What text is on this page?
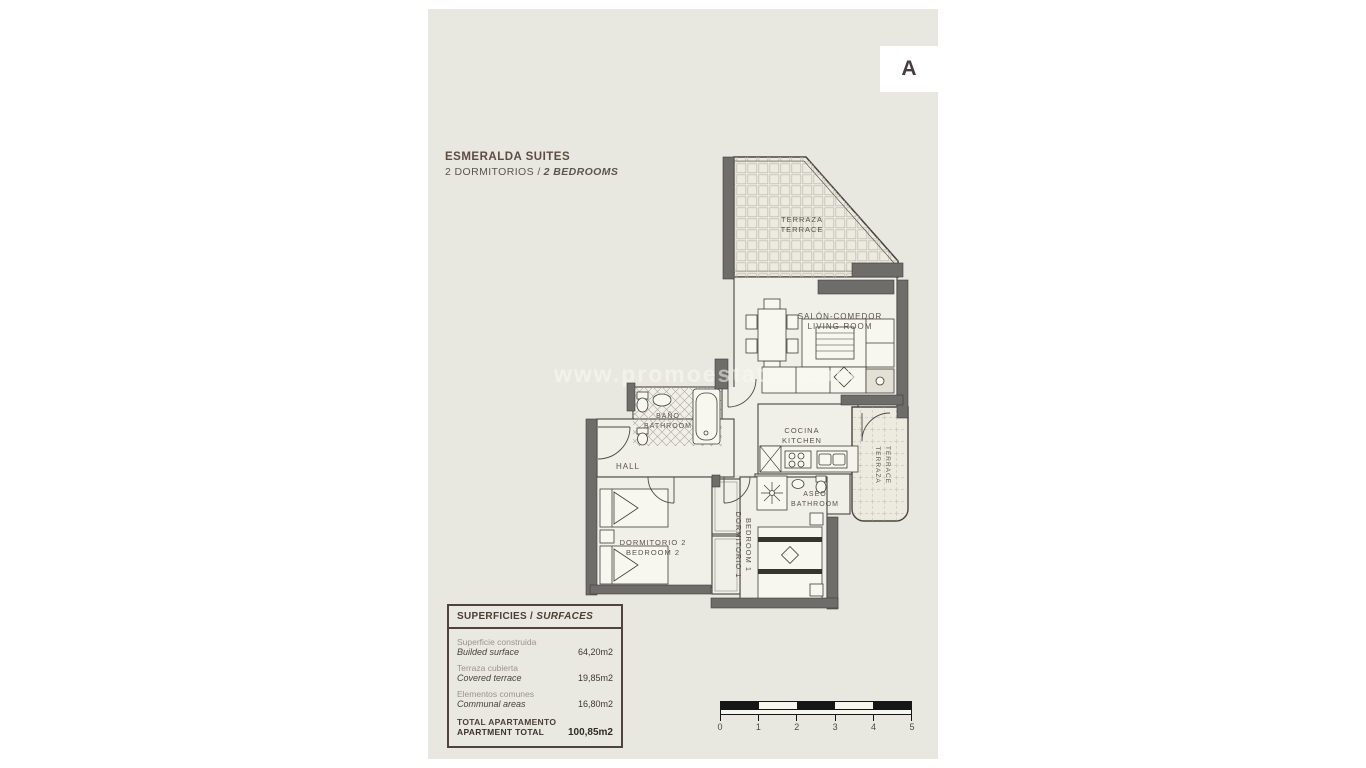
A
ESMERALDA SUITES
2 DORMITORIOS / 2 BEDROOMS
TERRAZA
TERRACE
SALÓN-COMEDOR
LIVING-ROOM
BAÑO
BATHROOM	COCINA
KITCHEN
ASEO
BATHROOM
HALL
DORMITORIO 2
BEDROOM 2	DORMITORIO 1 BEDROOM 1
TERRAZA TERRACE
www.promoestates.com
SUPERFICIES / SURFACES
Superficie construida
Builded surface	64,20m2
Terraza cubierta
Covered terrace	19,85m2
Elementos comunes
Communal areas	16,80m2
TOTAL APARTAMENTO
APARTMENT TOTAL 100,85m2	0	1	2	3	4	5
